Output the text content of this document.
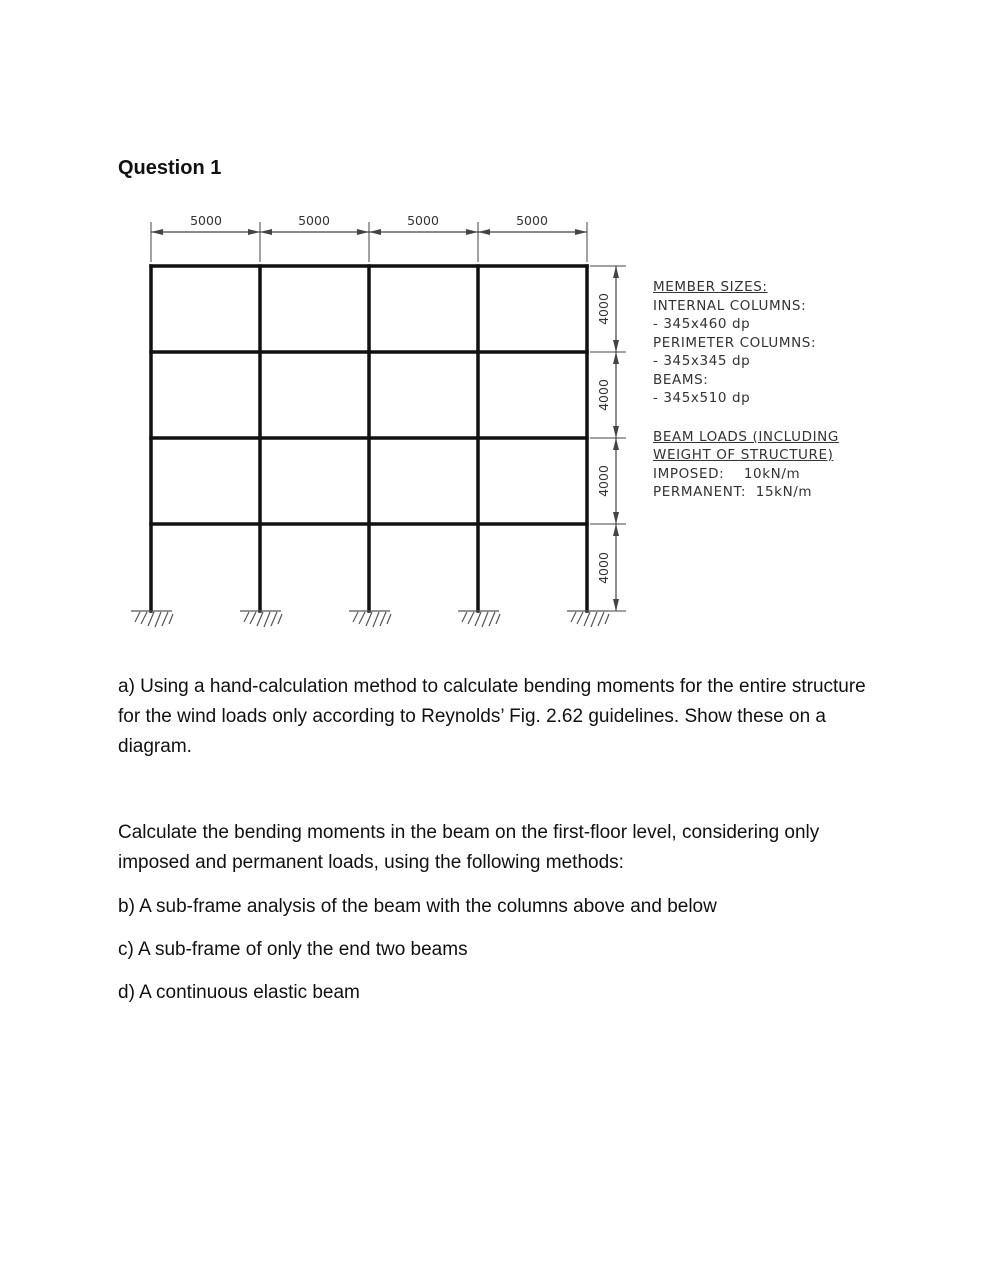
Question 1
5000	5000	5000	5000
4000
4000
4000
4000
MEMBER SIZES:
INTERNAL COLUMNS:
- 345x460 dp
PERIMETER COLUMNS:
- 345x345 dp
BEAMS:
- 345x510 dp
BEAM LOADS (INCLUDING
WEIGHT OF STRUCTURE)
IMPOSED: 10kN/m
PERMANENT: 15kN/m
a) Using a hand-calculation method to calculate bending moments for the entire structure for the wind loads only according to Reynolds’ Fig. 2.62 guidelines. Show these on a diagram.
Calculate the bending moments in the beam on the first-floor level, considering only imposed and permanent loads, using the following methods:
b) A sub-frame analysis of the beam with the columns above and below
c) A sub-frame of only the end two beams
d) A continuous elastic beam
